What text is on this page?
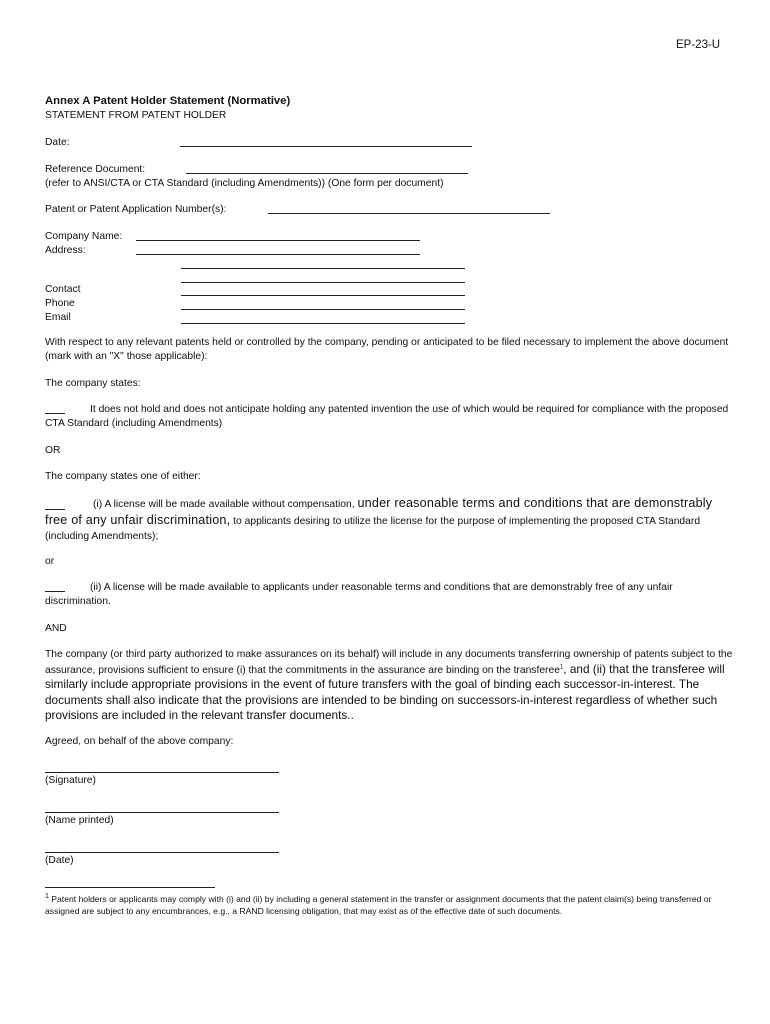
EP-23-U
Annex A Patent Holder Statement (Normative)
STATEMENT FROM PATENT HOLDER
Date:
Reference Document:
(refer to ANSI/CTA or CTA Standard (including Amendments)) (One form per document)
Patent or Patent Application Number(s):
Company Name:
Address:
Contact
Phone
Email
With respect to any relevant patents held or controlled by the company, pending or anticipated to be filed necessary to implement the above document (mark with an "X" those applicable):
The company states:
It does not hold and does not anticipate holding any patented invention the use of which would be required for compliance with the proposed CTA Standard (including Amendments)
OR
The company states one of either:
(i) A license will be made available without compensation, under reasonable terms and conditions that are demonstrably free of any unfair discrimination, to applicants desiring to utilize the license for the purpose of implementing the proposed CTA Standard (including Amendments);
or
(ii) A license will be made available to applicants under reasonable terms and conditions that are demonstrably free of any unfair discrimination.
AND
The company (or third party authorized to make assurances on its behalf) will include in any documents transferring ownership of patents subject to the assurance, provisions sufficient to ensure (i) that the commitments in the assurance are binding on the transferee$^1$, and (ii) that the transferee will similarly include appropriate provisions in the event of future transfers with the goal of binding each successor-in-interest. The documents shall also indicate that the provisions are intended to be binding on successors-in-interest regardless of whether such provisions are included in the relevant transfer documents..
Agreed, on behalf of the above company:
(Signature)
(Name printed)
(Date)
$^1$ Patent holders or applicants may comply with (i) and (ii) by including a general statement in the transfer or assignment documents that the patent claim(s) being transferred or assigned are subject to any encumbrances, e.g., a RAND licensing obligation, that may exist as of the effective date of such documents.
